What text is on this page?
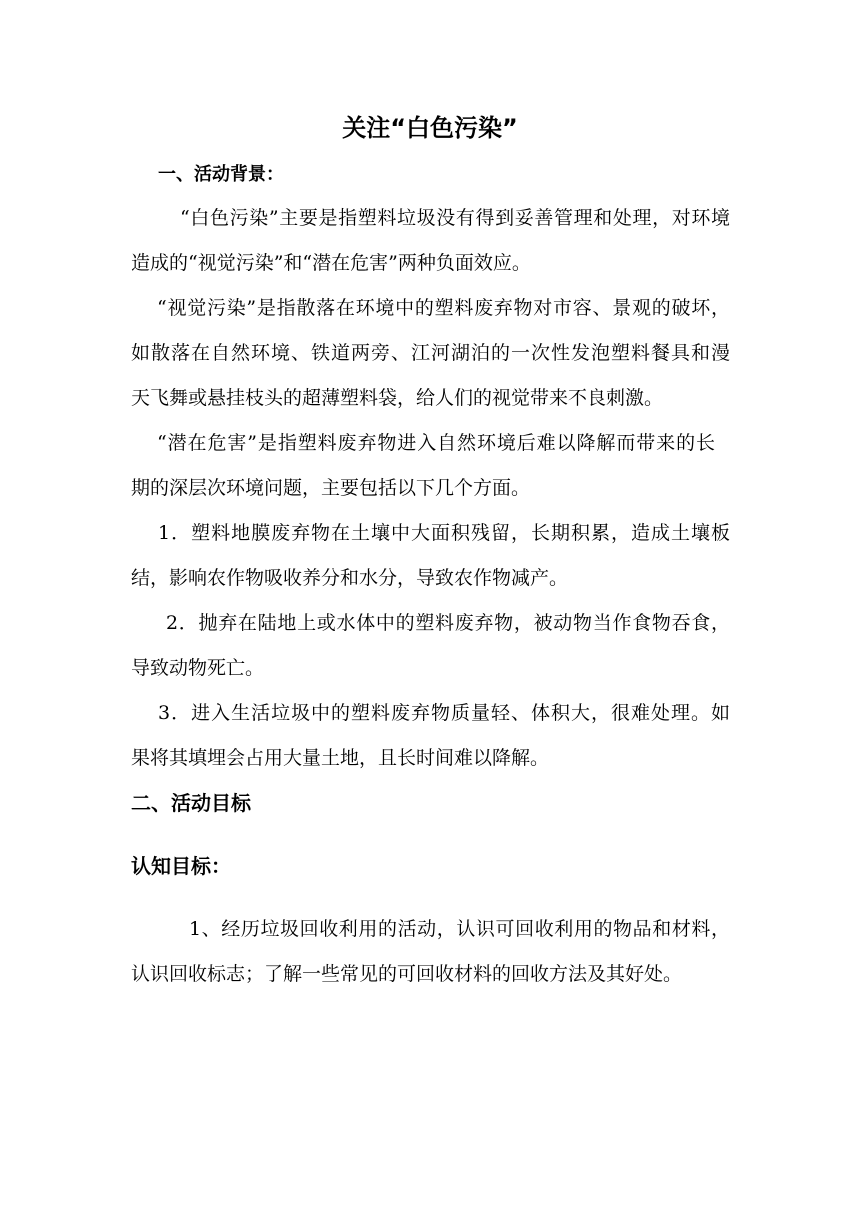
关注“白色污染”
一、活动背景：
“白色污染”主要是指塑料垃圾没有得到妥善管理和处理，对环境
造成的“视觉污染”和“潜在危害”两种负面效应。
“视觉污染”是指散落在环境中的塑料废弃物对市容、景观的破坏，
如散落在自然环境、铁道两旁、江河湖泊的一次性发泡塑料餐具和漫
天飞舞或悬挂枝头的超薄塑料袋，给人们的视觉带来不良刺激。
“潜在危害”是指塑料废弃物进入自然环境后难以降解而带来的长
期的深层次环境问题，主要包括以下几个方面。
1．塑料地膜废弃物在土壤中大面积残留，长期积累，造成土壤板
结，影响农作物吸收养分和水分，导致农作物减产。
2．抛弃在陆地上或水体中的塑料废弃物，被动物当作食物吞食，
导致动物死亡。
3．进入生活垃圾中的塑料废弃物质量轻、体积大，很难处理。如
果将其填埋会占用大量土地，且长时间难以降解。
二、活动目标
认知目标：
1、经历垃圾回收利用的活动，认识可回收利用的物品和材料，
认识回收标志；了解一些常见的可回收材料的回收方法及其好处。
